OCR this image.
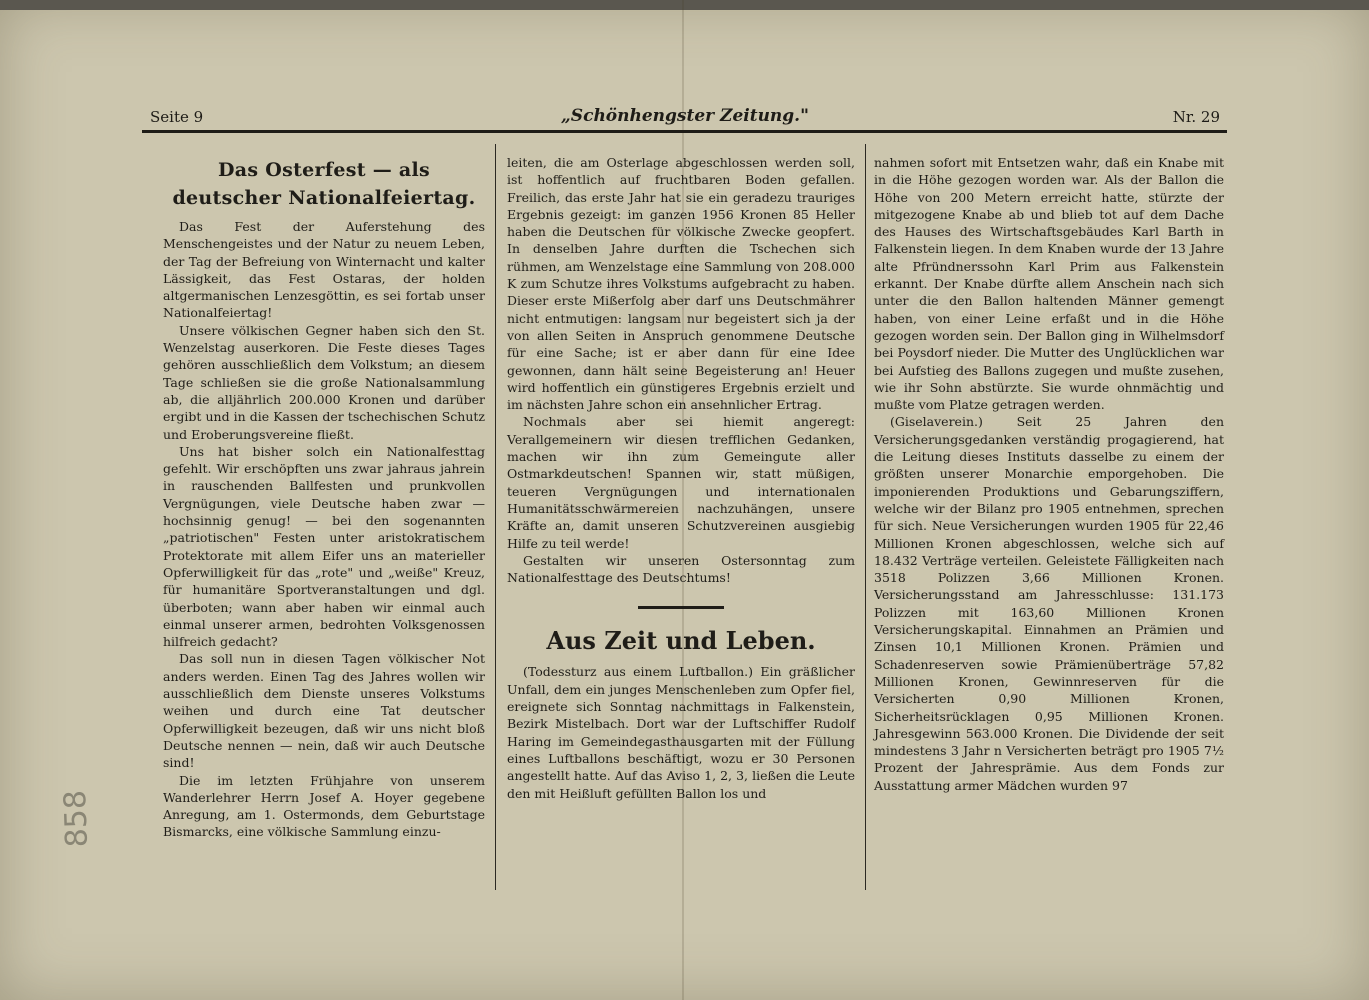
Seite 9	„Schönhengster Zeitung."	Nr. 29
Das Osterfest — als deutscher Nationalfeiertag.

Das Fest der Auferstehung des Menschengeistes und der Natur zu neuem Leben, der Tag der Befreiung von Winternacht und kalter Lässigkeit, das Fest Ostaras, der holden altgermanischen Lenzesgöttin, es sei fortab unser Nationalfeiertag!

Unsere völkischen Gegner haben sich den St. Wenzelstag auserkoren. Die Feste dieses Tages gehören ausschließlich dem Volkstum; an diesem Tage schließen sie die große Nationalsammlung ab, die alljährlich 200.000 Kronen und darüber ergibt und in die Kassen der tschechischen Schutz und Eroberungsvereine fließt.

Uns hat bisher solch ein Nationalfesttag gefehlt. Wir erschöpften uns zwar jahraus jahrein in rauschenden Ballfesten und prunkvollen Vergnügungen, viele Deutsche haben zwar — hochsinnig genug! — bei den sogenannten „patriotischen" Festen unter aristokratischem Protektorate mit allem Eifer uns an materieller Opferwilligkeit für das „rote" und „weiße" Kreuz, für humanitäre Sportveranstaltungen und dgl. überboten; wann aber haben wir einmal auch einmal unserer armen, bedrohten Volksgenossen hilfreich gedacht?

Das soll nun in diesen Tagen völkischer Not anders werden. Einen Tag des Jahres wollen wir ausschließlich dem Dienste unseres Volkstums weihen und durch eine Tat deutscher Opferwilligkeit bezeugen, daß wir uns nicht bloß Deutsche nennen — nein, daß wir auch Deutsche sind!

Die im letzten Frühjahre von unserem Wanderlehrer Herrn Josef A. Hoyer gegebene Anregung, am 1. Ostermonds, dem Geburtstage Bismarcks, eine völkische Sammlung einzu-

leiten, die am Osterlage abgeschlossen werden soll, ist hoffentlich auf fruchtbaren Boden gefallen. Freilich, das erste Jahr hat sie ein geradezu trauriges Ergebnis gezeigt: im ganzen 1956 Kronen 85 Heller haben die Deutschen für völkische Zwecke geopfert. In denselben Jahre durften die Tschechen sich rühmen, am Wenzelstage eine Sammlung von 208.000 K zum Schutze ihres Volkstums aufgebracht zu haben. Dieser erste Mißerfolg aber darf uns Deutschmährer nicht entmutigen: langsam nur begeistert sich ja der von allen Seiten in Anspruch genommene Deutsche für eine Sache; ist er aber dann für eine Idee gewonnen, dann hält seine Begeisterung an! Heuer wird hoffentlich ein günstigeres Ergebnis erzielt und im nächsten Jahre schon ein ansehnlicher Ertrag.

Nochmals aber sei hiemit angeregt: Verallgemeinern wir diesen trefflichen Gedanken, machen wir ihn zum Gemeingute aller Ostmarkdeutschen! Spannen wir, statt müßigen, teueren Vergnügungen und internationalen Humanitätsschwärmereien nachzuhängen, unsere Kräfte an, damit unseren Schutzvereinen ausgiebig Hilfe zu teil werde!

Gestalten wir unseren Ostersonntag zum Nationalfesttage des Deutschtums!

Aus Zeit und Leben.

(Todessturz aus einem Luftballon.) Ein gräßlicher Unfall, dem ein junges Menschenleben zum Opfer fiel, ereignete sich Sonntag nachmittags in Falkenstein, Bezirk Mistelbach. Dort war der Luftschiffer Rudolf Haring im Gemeindegasthausgarten mit der Füllung eines Luftballons beschäftigt, wozu er 30 Personen angestellt hatte. Auf das Aviso 1, 2, 3, ließen die Leute den mit Heißluft gefüllten Ballon los und

nahmen sofort mit Entsetzen wahr, daß ein Knabe mit in die Höhe gezogen worden war. Als der Ballon die Höhe von 200 Metern erreicht hatte, stürzte der mitgezogene Knabe ab und blieb tot auf dem Dache des Hauses des Wirtschaftsgebäudes Karl Barth in Falkenstein liegen. In dem Knaben wurde der 13 Jahre alte Pfründnerssohn Karl Prim aus Falkenstein erkannt. Der Knabe dürfte allem Anschein nach sich unter die den Ballon haltenden Männer gemengt haben, von einer Leine erfaßt und in die Höhe gezogen worden sein. Der Ballon ging in Wilhelmsdorf bei Poysdorf nieder. Die Mutter des Unglücklichen war bei Aufstieg des Ballons zugegen und mußte zusehen, wie ihr Sohn abstürzte. Sie wurde ohnmächtig und mußte vom Platze getragen werden.

(Giselaverein.) Seit 25 Jahren den Versicherungsgedanken verständig progagierend, hat die Leitung dieses Instituts dasselbe zu einem der größten unserer Monarchie emporgehoben. Die imponierenden Produktions und Gebarungsziffern, welche wir der Bilanz pro 1905 entnehmen, sprechen für sich. Neue Versicherungen wurden 1905 für 22,46 Millionen Kronen abgeschlossen, welche sich auf 18.432 Verträge verteilen. Geleistete Fälligkeiten nach 3518 Polizzen 3,66 Millionen Kronen. Versicherungsstand am Jahresschlusse: 131.173 Polizzen mit 163,60 Millionen Kronen Versicherungskapital. Einnahmen an Prämien und Zinsen 10,1 Millionen Kronen. Prämien und Schadenreserven sowie Prämienüberträge 57,82 Millionen Kronen, Gewinnreserven für die Versicherten 0,90 Millionen Kronen, Sicherheitsrücklagen 0,95 Millionen Kronen. Jahresgewinn 563.000 Kronen. Die Dividende der seit mindestens 3 Jahr n Versicherten beträgt pro 1905 7½ Prozent der Jahresprämie. Aus dem Fonds zur Ausstattung armer Mädchen wurden 97

858
